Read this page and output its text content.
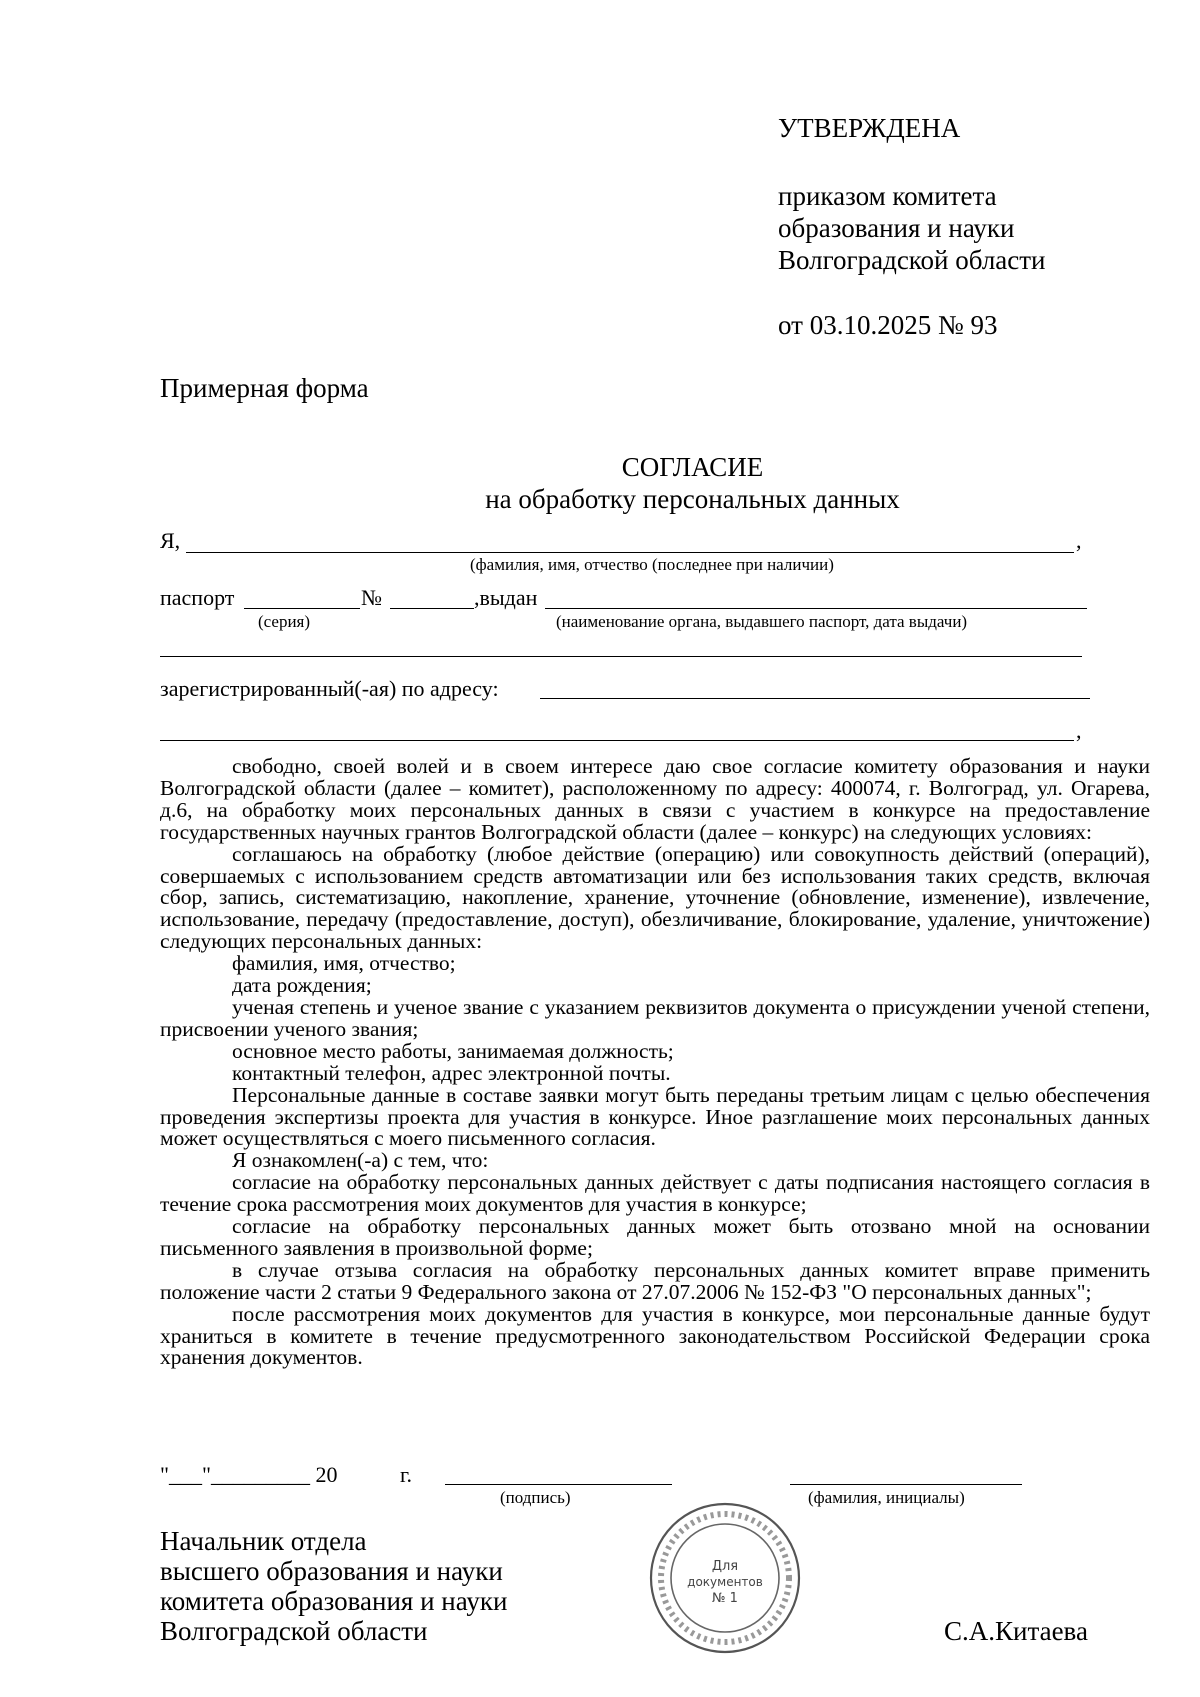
УТВЕРЖДЕНА
приказом комитета
образования и науки
Волгоградской области
от 03.10.2025 № 93
Примерная форма
СОГЛАСИЕ
на обработку персональных данных
Я,	,
(фамилия, имя, отчество (последнее при наличии)
паспорт	№	,выдан
(серия)	(наименование органа, выдавшего паспорт, дата выдачи)
зарегистрированный(-ая) по адресу:
,

свободно, своей волей и в своем интересе даю свое согласие комитету образования и науки Волгоградской области (далее – комитет), расположенному по адресу: 400074, г. Волгоград, ул. Огарева, д.6, на обработку моих персональных данных в связи с участием в конкурсе на предоставление государственных научных грантов Волгоградской области (далее – конкурс) на следующих условиях:

соглашаюсь на обработку (любое действие (операцию) или совокупность действий (операций), совершаемых с использованием средств автоматизации или без использования таких средств, включая сбор, запись, систематизацию, накопление, хранение, уточнение (обновление, изменение), извлечение, использование, передачу (предоставление, доступ), обезличивание, блокирование, удаление, уничтожение) следующих персональных данных:

фамилия, имя, отчество;

дата рождения;

ученая степень и ученое звание с указанием реквизитов документа о присуждении ученой степени, присвоении ученого звания;

основное место работы, занимаемая должность;

контактный телефон, адрес электронной почты.

Персональные данные в составе заявки могут быть переданы третьим лицам с целью обеспечения проведения экспертизы проекта для участия в конкурсе. Иное разглашение моих персональных данных может осуществляться с моего письменного согласия.

Я ознакомлен(-а) с тем, что:

согласие на обработку персональных данных действует с даты подписания настоящего согласия в течение срока рассмотрения моих документов для участия в конкурсе;

согласие на обработку персональных данных может быть отозвано мной на основании письменного заявления в произвольной форме;

в случае отзыва согласия на обработку персональных данных комитет вправе применить положение части 2 статьи 9 Федерального закона от 27.07.2006 № 152-ФЗ "О персональных данных";

после рассмотрения моих документов для участия в конкурсе, мои персональные данные будут храниться в комитете в течение предусмотренного законодательством Российской Федерации срока хранения документов.

"___"_________ 20	г.
(подпись)	(фамилия, инициалы)
Начальник отдела
высшего образования и науки
комитета образования и науки
Волгоградской области	С.А.Китаева
Для
документов
№ 1
